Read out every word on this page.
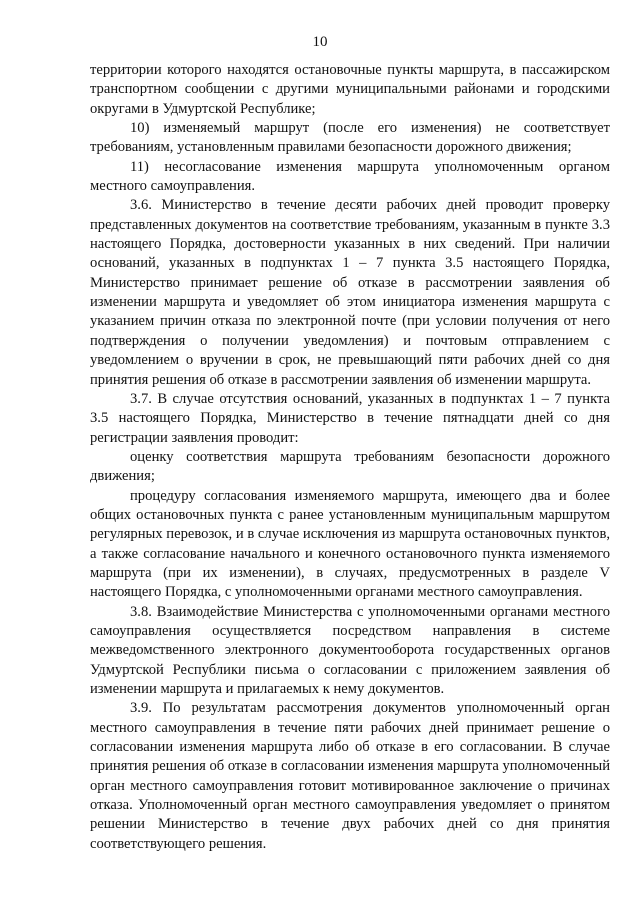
10

территории которого находятся остановочные пункты маршрута, в пассажирском транспортном сообщении с другими муниципальными районами и городскими округами в Удмуртской Республике;

10) изменяемый маршрут (после его изменения) не соответствует требованиям, установленным правилами безопасности дорожного движения;

11) несогласование изменения маршрута уполномоченным органом местного самоуправления.

3.6. Министерство в течение десяти рабочих дней проводит проверку представленных документов на соответствие требованиям, указанным в пункте 3.3 настоящего Порядка, достоверности указанных в них сведений. При наличии оснований, указанных в подпунктах 1 – 7 пункта 3.5 настоящего Порядка, Министерство принимает решение об отказе в рассмотрении заявления об изменении маршрута и уведомляет об этом инициатора изменения маршрута с указанием причин отказа по электронной почте (при условии получения от него подтверждения о получении уведомления) и почтовым отправлением с уведомлением о вручении в срок, не превышающий пяти рабочих дней со дня принятия решения об отказе в рассмотрении заявления об изменении маршрута.

3.7. В случае отсутствия оснований, указанных в подпунктах 1 – 7 пункта 3.5 настоящего Порядка, Министерство в течение пятнадцати дней со дня регистрации заявления проводит:

оценку соответствия маршрута требованиям безопасности дорожного движения;

процедуру согласования изменяемого маршрута, имеющего два и более общих остановочных пункта с ранее установленным муниципальным маршрутом регулярных перевозок, и в случае исключения из маршрута остановочных пунктов, а также согласование начального и конечного остановочного пункта изменяемого маршрута (при их изменении), в случаях, предусмотренных в разделе V настоящего Порядка, с уполномоченными органами местного самоуправления.

3.8. Взаимодействие Министерства с уполномоченными органами местного самоуправления осуществляется посредством направления в системе межведомственного электронного документооборота государственных органов Удмуртской Республики письма о согласовании с приложением заявления об изменении маршрута и прилагаемых к нему документов.

3.9. По результатам рассмотрения документов уполномоченный орган местного самоуправления в течение пяти рабочих дней принимает решение о согласовании изменения маршрута либо об отказе в его согласовании. В случае принятия решения об отказе в согласовании изменения маршрута уполномоченный орган местного самоуправления готовит мотивированное заключение о причинах отказа. Уполномоченный орган местного самоуправления уведомляет о принятом решении Министерство в течение двух рабочих дней со дня принятия соответствующего решения.
